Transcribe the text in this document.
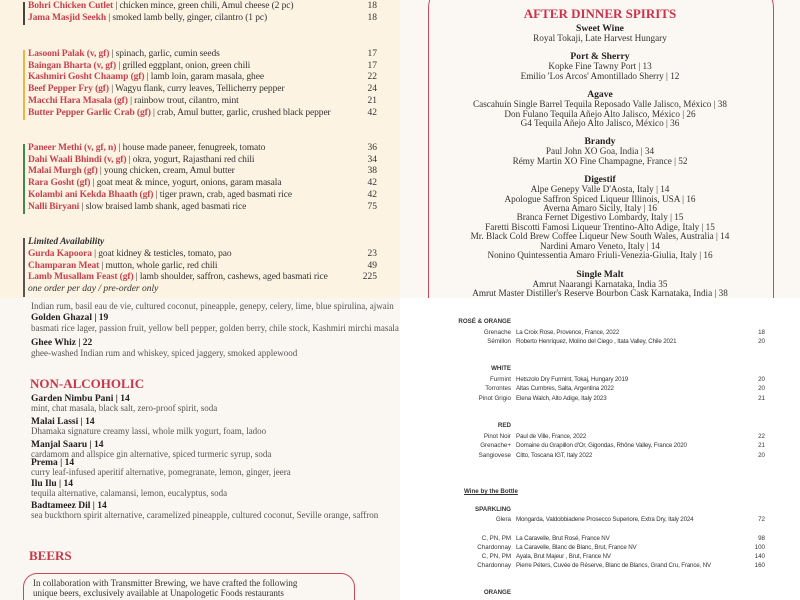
Bohri Chicken Cutlet | chicken mince, green chili, Amul cheese (2 pc)	18
Jama Masjid Seekh | smoked lamb belly, ginger, cilantro (1 pc)	18
Lasooni Palak (v, gf) | spinach, garlic, cumin seeds	17
Baingan Bharta (v, gf) | grilled eggplant, onion, green chili	17
Kashmiri Gosht Chaamp (gf) | lamb loin, garam masala, ghee	22
Beef Pepper Fry (gf) | Wagyu flank, curry leaves, Tellicherry pepper	24
Macchi Hara Masala (gf) | rainbow trout, cilantro, mint	21
Butter Pepper Garlic Crab (gf) | crab, Amul butter, garlic, crushed black pepper	42
Paneer Methi (v, gf, n) | house made paneer, fenugreek, tomato	36
Dahi Waali Bhindi (v, gf) | okra, yogurt, Rajasthani red chili	34
Malai Murgh (gf) | young chicken, cream, Amul butter	38
Rara Gosht (gf) | goat meat & mince, yogurt, onions, garam masala	42
Kolambi ani Kekda Bhaath (gf) | tiger prawn, crab, aged basmati rice	42
Nalli Biryani | slow braised lamb shank, aged basmati rice	75
Limited Availability
Gurda Kapoora | goat kidney & testicles, tomato, pao	23
Champaran Meat | mutton, whole garlic, red chili	49
Lamb Musallam Feast (gf) | lamb shoulder, saffron, cashews, aged basmati rice	225
one order per day / pre-order only
AFTER DINNER SPIRITS
Sweet Wine
Royal Tokaji, Late Harvest Hungary
Port & Sherry
Kopke Fine Tawny Port | 13
Emilio 'Los Arcos' Amontillado Sherry | 12
Agave
Cascahuín Single Barrel Tequila Reposado Valle Jalisco, México | 38
Don Fulano Tequila Añejo Alto Jalisco, México | 26
G4 Tequila Añejo Alto Jalisco, México | 36
Brandy
Paul John XO Goa, India | 34
Rémy Martin XO Fine Champagne, France | 52
Digestif
Alpe Genepy Valle D'Aosta, Italy | 14
Apologue Saffron Spiced Liqueur Illinois, USA | 16
Averna Amaro Sicily, Italy | 16
Branca Fernet Digestivo Lombardy, Italy | 15
Faretti Biscotti Famosi Liqueur Trentino-Alto Adige, Italy | 15
Mr. Black Cold Brew Coffee Liqueur New South Wales, Australia | 14
Nardini Amaro Veneto, Italy | 14
Nonino Quintessentia Amaro Friuli-Venezia-Giulia, Italy | 16
Single Malt
Amrut Naarangi Karnataka, India 35
Amrut Master Distiller's Reserve Bourbon Cask Karnataka, India | 38
Indian rum, basil eau de vie, cultured coconut, pineapple, genepy, celery, lime, blue spirulina, ajwain
Golden Ghazal | 19
basmati rice lager, passion fruit, yellow bell pepper, golden berry, chile stock, Kashmiri mirchi masala
Ghee Whiz | 22
ghee-washed Indian rum and whiskey, spiced jaggery, smoked applewood
NON-ALCOHOLIC
Garden Nimbu Pani | 14
mint, chat masala, black salt, zero-proof spirit, soda
Malai Lassi | 14
Dhamaka signature creamy lassi, whole milk yogurt, foam, ladoo
Manjal Saaru | 14
cardamom and allspice gin alternative, spiced turmeric syrup, soda
Prema | 14
curry leaf-infused aperitif alternative, pomegranate, lemon, ginger, jeera
Ilu Ilu | 14
tequila alternative, calamansi, lemon, eucalyptus, soda
Badtameez Dil | 14
sea buckthorn spirit alternative, caramelized pineapple, cultured coconut, Seville orange, saffron
BEERS
In collaboration with Transmitter Brewing, we have crafted the following
unique beers, exclusively available at Unapologetic Foods restaurants
ROSÉ & ORANGE
Grenache La Croix Rose, Provence, France, 2022	18
Sémillon Roberto Henríquez, Molino del Ciego , Itata Valley, Chile 2021	20
WHITE
Furmint Hetszolo Dry Furmint, Tokaj, Hungary 2019	20
Torrontes Altas Cumbres, Salta, Argentina 2022	20
Pinot Grigio Elena Walch, Alto Adige, Italy 2023	21
RED
Pinot Noir Paul de Ville, France, 2022	22
Grenache+ Domaine du Grapillon d'Or, Gigondas, Rhône Valley, France 2020	21
Sangiovese Citto, Toscana IGT, Italy 2022	20
Wine by the Bottle
SPARKLING
Glera Mongarda, Valdobbiadene Prosecco Superiore, Extra Dry, Italy 2024	72
C, PN, PM La Caravelle, Brut Rosé, France NV	98
Chardonnay La Caravelle, Blanc de Blanc, Brut, France NV	100
C, PN, PM Ayala, Brut Majeur , Brut, France NV	140
Chardonnay Pierre Péters, Cuvée de Réserve, Blanc de Blancs, Grand Cru, France, NV	160
ORANGE
